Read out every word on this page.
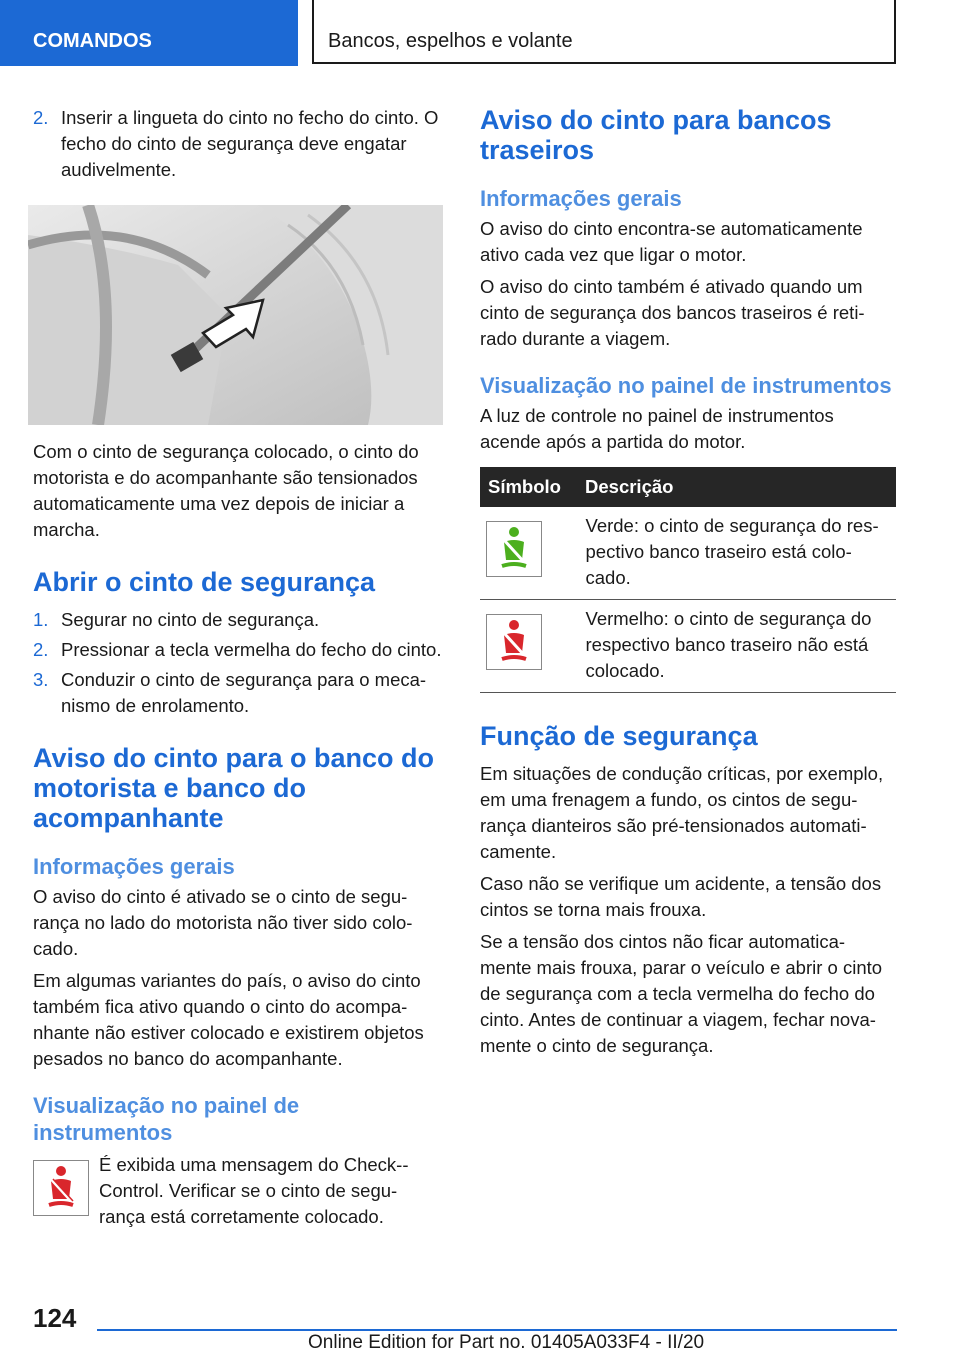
COMANDOS	Bancos, espelhos e volante
2. Inserir a lingueta do cinto no fecho do cinto. O fecho do cinto de segurança deve engatar audivelmente.

Com o cinto de segurança colocado, o cinto do motorista e do acompanhante são tensionados automaticamente uma vez depois de iniciar a marcha.

Abrir o cinto de segurança
1. Segurar no cinto de segurança.
2. Pressionar a tecla vermelha do fecho do cinto.
3. Conduzir o cinto de segurança para o meca-nismo de enrolamento.
Aviso do cinto para o banco do motorista e banco do acompanhante
Informações gerais

O aviso do cinto é ativado se o cinto de segu-rança no lado do motorista não tiver sido colo-cado.

Em algumas variantes do país, o aviso do cinto também fica ativo quando o cinto do acompa-nhante não estiver colocado e existirem objetos pesados no banco do acompanhante.

Visualização no painel de instrumentos

É exibida uma mensagem do Check--Control. Verificar se o cinto de segu-rança está corretamente colocado.

Aviso do cinto para bancos traseiros
Informações gerais

O aviso do cinto encontra-se automaticamente ativo cada vez que ligar o motor.

O aviso do cinto também é ativado quando um cinto de segurança dos bancos traseiros é reti-rado durante a viagem.

Visualização no painel de instrumentos

A luz de controle no painel de instrumentos acende após a partida do motor.

Símbolo	Descrição

	Verde: o cinto de segurança do res-pectivo banco traseiro está colo-cado.

	Vermelho: o cinto de segurança do respectivo banco traseiro não está colocado.
Função de segurança

Em situações de condução críticas, por exemplo, em uma frenagem a fundo, os cintos de segu-rança dianteiros são pré-tensionados automati-camente.

Caso não se verifique um acidente, a tensão dos cintos se torna mais frouxa.

Se a tensão dos cintos não ficar automatica-mente mais frouxa, parar o veículo e abrir o cinto de segurança com a tecla vermelha do fecho do cinto. Antes de continuar a viagem, fechar nova-mente o cinto de segurança.

124
Online Edition for Part no. 01405A033F4 - II/20
